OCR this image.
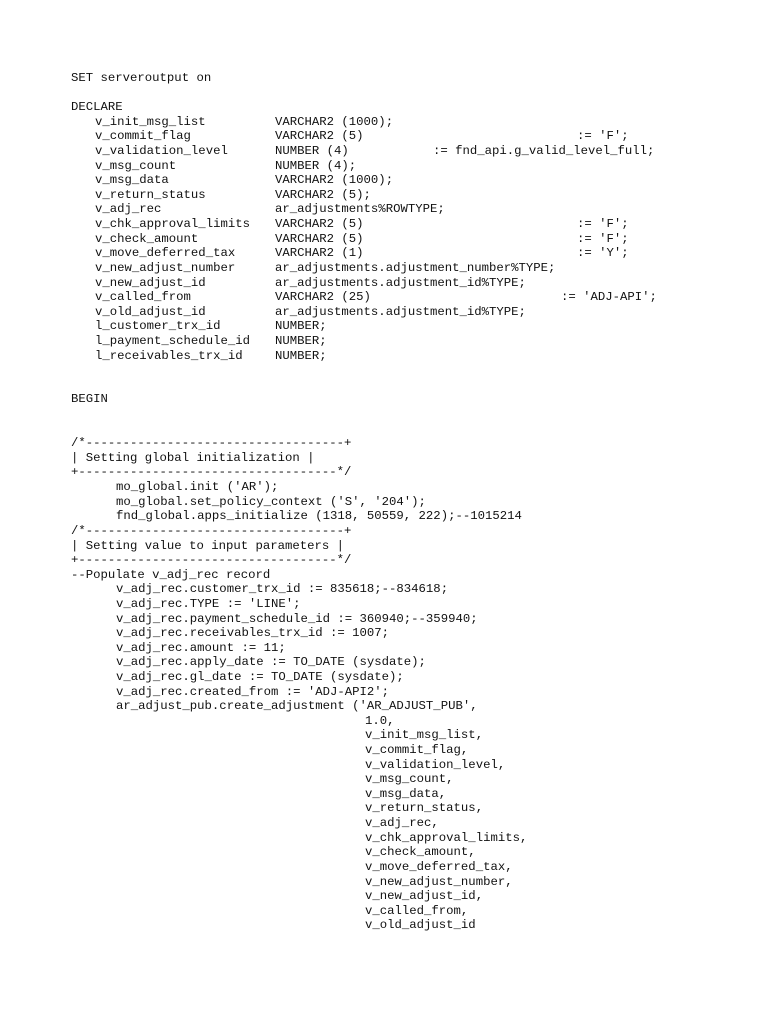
SET serveroutput on
DECLARE
v_init_msg_list	VARCHAR2 (1000);
v_commit_flag	VARCHAR2 (5)	:= 'F';
v_validation_level	NUMBER (4)	:= fnd_api.g_valid_level_full;
v_msg_count	NUMBER (4);
v_msg_data	VARCHAR2 (1000);
v_return_status	VARCHAR2 (5);
v_adj_rec	ar_adjustments%ROWTYPE;
v_chk_approval_limits VARCHAR2 (5)	:= 'F';
v_check_amount	VARCHAR2 (5)	:= 'F';
v_move_deferred_tax	VARCHAR2 (1)	:= 'Y';
v_new_adjust_number	ar_adjustments.adjustment_number%TYPE;
v_new_adjust_id	ar_adjustments.adjustment_id%TYPE;
v_called_from	VARCHAR2 (25)	:= 'ADJ-API';
v_old_adjust_id	ar_adjustments.adjustment_id%TYPE;
l_customer_trx_id	NUMBER;
l_payment_schedule_id NUMBER;
l_receivables_trx_id	NUMBER;
BEGIN
/*-----------------------------------+
| Setting global initialization |
+-----------------------------------*/
mo_global.init ('AR');
mo_global.set_policy_context ('S', '204');
fnd_global.apps_initialize (1318, 50559, 222);--1015214
/*-----------------------------------+
| Setting value to input parameters |
+-----------------------------------*/
--Populate v_adj_rec record
v_adj_rec.customer_trx_id := 835618;--834618;
v_adj_rec.TYPE := 'LINE';
v_adj_rec.payment_schedule_id := 360940;--359940;
v_adj_rec.receivables_trx_id := 1007;
v_adj_rec.amount := 11;
v_adj_rec.apply_date := TO_DATE (sysdate);
v_adj_rec.gl_date := TO_DATE (sysdate);
v_adj_rec.created_from := 'ADJ-API2';
ar_adjust_pub.create_adjustment ('AR_ADJUST_PUB',
1.0,
v_init_msg_list,
v_commit_flag,
v_validation_level,
v_msg_count,
v_msg_data,
v_return_status,
v_adj_rec,
v_chk_approval_limits,
v_check_amount,
v_move_deferred_tax,
v_new_adjust_number,
v_new_adjust_id,
v_called_from,
v_old_adjust_id
